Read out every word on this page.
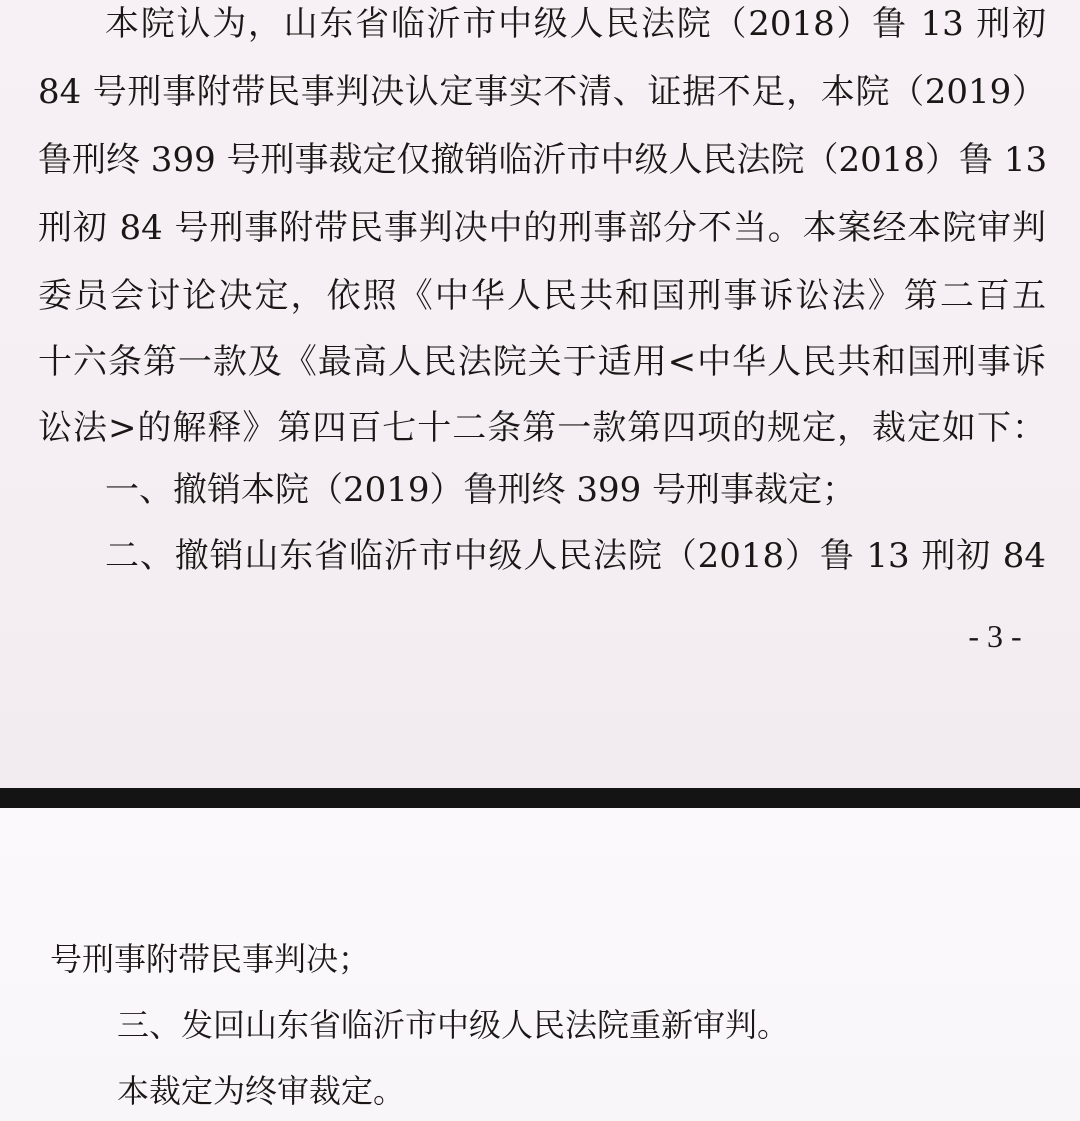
本院认为，山东省临沂市中级人民法院（2018）鲁 13 刑初
84 号刑事附带民事判决认定事实不清、证据不足，本院（2019）
鲁刑终 399 号刑事裁定仅撤销临沂市中级人民法院（2018）鲁 13
刑初 84 号刑事附带民事判决中的刑事部分不当。本案经本院审判
委员会讨论决定，依照《中华人民共和国刑事诉讼法》第二百五
十六条第一款及《最高人民法院关于适用<中华人民共和国刑事诉
讼法>的解释》第四百七十二条第一款第四项的规定，裁定如下：
一、撤销本院（2019）鲁刑终 399 号刑事裁定；
二、撤销山东省临沂市中级人民法院（2018）鲁 13 刑初 84
- 3 -
号刑事附带民事判决；
三、发回山东省临沂市中级人民法院重新审判。
本裁定为终审裁定。
